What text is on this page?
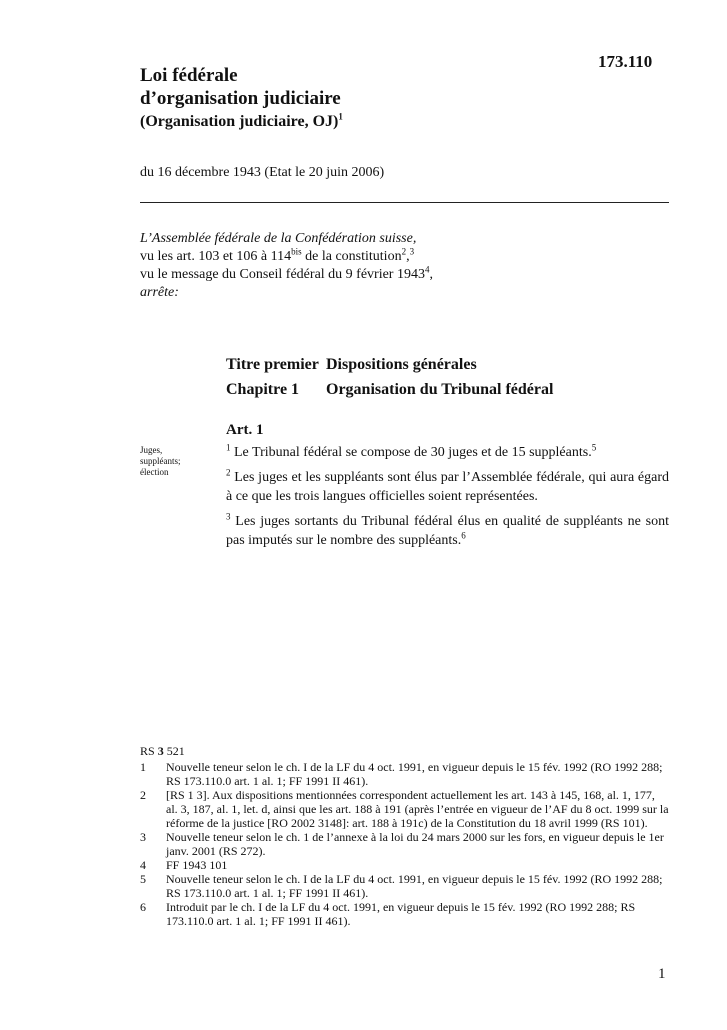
173.110
Loi fédérale
d’organisation judiciaire
(Organisation judiciaire, OJ)$^1$
du 16 décembre 1943 (Etat le 20 juin 2006)
L’Assemblée fédérale de la Confédération suisse,
vu les art. 103 et 106 à $114^{bis}$ de la constitution$^2$,$^3$
vu le message du Conseil fédéral du 9 février 1943$^4$,
arrête:
Titre premier Dispositions générales
Chapitre 1 Organisation du Tribunal fédéral
Art. 1
Juges,
suppléants;
élection

$^1$ Le Tribunal fédéral se compose de 30 juges et de 15 suppléants.$^5$

$^2$ Les juges et les suppléants sont élus par l’Assemblée fédérale, qui aura égard à ce que les trois langues officielles soient représentées.

$^3$ Les juges sortants du Tribunal fédéral élus en qualité de suppléants ne sont pas imputés sur le nombre des suppléants.$^6$

RS 3 521
1	Nouvelle teneur selon le ch. I de la LF du 4 oct. 1991, en vigueur depuis le 15 fév. 1992 (RO 1992 288; RS 173.110.0 art. 1 al. 1; FF 1991 II 461).
2	[RS 1 3]. Aux dispositions mentionnées correspondent actuellement les art. 143 à 145, 168, al. 1, 177, al. 3, 187, al. 1, let. d, ainsi que les art. 188 à 191 (après l’entrée en vigueur de l’AF du 8 oct. 1999 sur la réforme de la justice [RO 2002 3148]: art. 188 à 191c) de la Constitution du 18 avril 1999 (RS 101).
3	Nouvelle teneur selon le ch. 1 de l’annexe à la loi du 24 mars 2000 sur les fors, en vigueur depuis le 1er janv. 2001 (RS 272).
4	FF 1943 101
5	Nouvelle teneur selon le ch. I de la LF du 4 oct. 1991, en vigueur depuis le 15 fév. 1992 (RO 1992 288; RS 173.110.0 art. 1 al. 1; FF 1991 II 461).
6	Introduit par le ch. I de la LF du 4 oct. 1991, en vigueur depuis le 15 fév. 1992 (RO 1992 288; RS 173.110.0 art. 1 al. 1; FF 1991 II 461).
1
